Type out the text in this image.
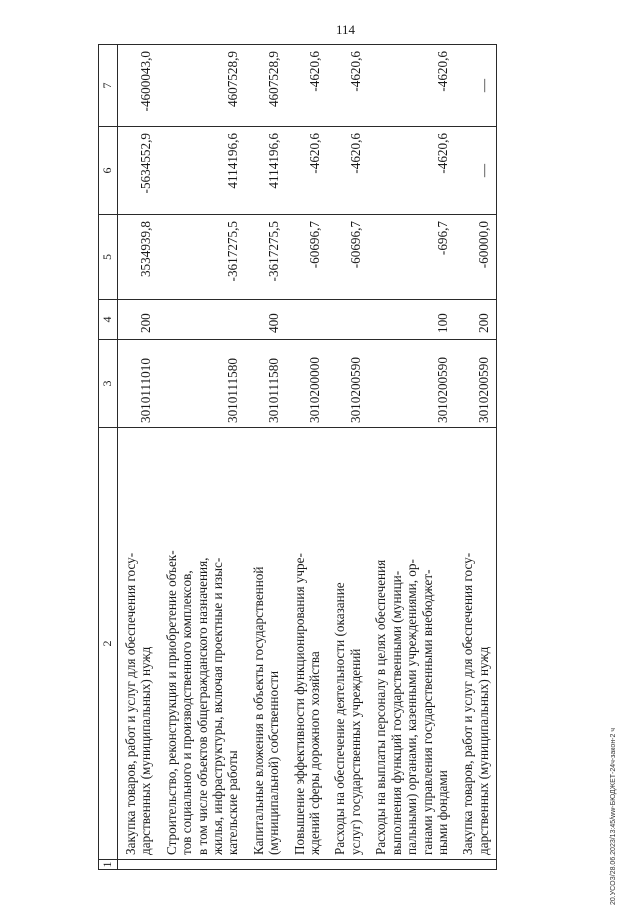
114
1	2	3	4	5	6	7

	Закупка товаров, работ и услуг для обеспечения госу- дарственных (муниципальных) нужд	3010111010	200	3534939,8	-5634552,9	-4600043,0

	Строительство, реконструкция и приобретение объек- тов социального и производственного комплексов, в том числе объектов общегражданского назначения, жилья, инфраструктуры, включая проектные и изыс- кательские работы	3010111580		-3617275,5	4114196,6	4607528,9

	Капитальные вложения в объекты государственной (муниципальной) собственности	3010111580	400	-3617275,5	4114196,6	4607528,9

	Повышение эффективности функционирования учре- ждений сферы дорожного хозяйства	3010200000		-60696,7	-4620,6	-4620,6

	Расходы на обеспечение деятельности (оказание услуг) государственных учреждений	3010200590		-60696,7	-4620,6	-4620,6

	Расходы на выплаты персоналу в целях обеспечения выполнения функций государственными (муници- пальными) органами, казенными учреждениями, ор- ганами управления государственными внебюджет- ными фондами	3010200590	100	-696,7	-4620,6	-4620,6

	Закупка товаров, работ и услуг для обеспечения госу- дарственных (муниципальных) нужд	3010200590	200	-60000,0	—	—
20.УСОЗ/28.06.2023/13:45/ww-БЮДЖЕТ-24ч-закон-2 ч
